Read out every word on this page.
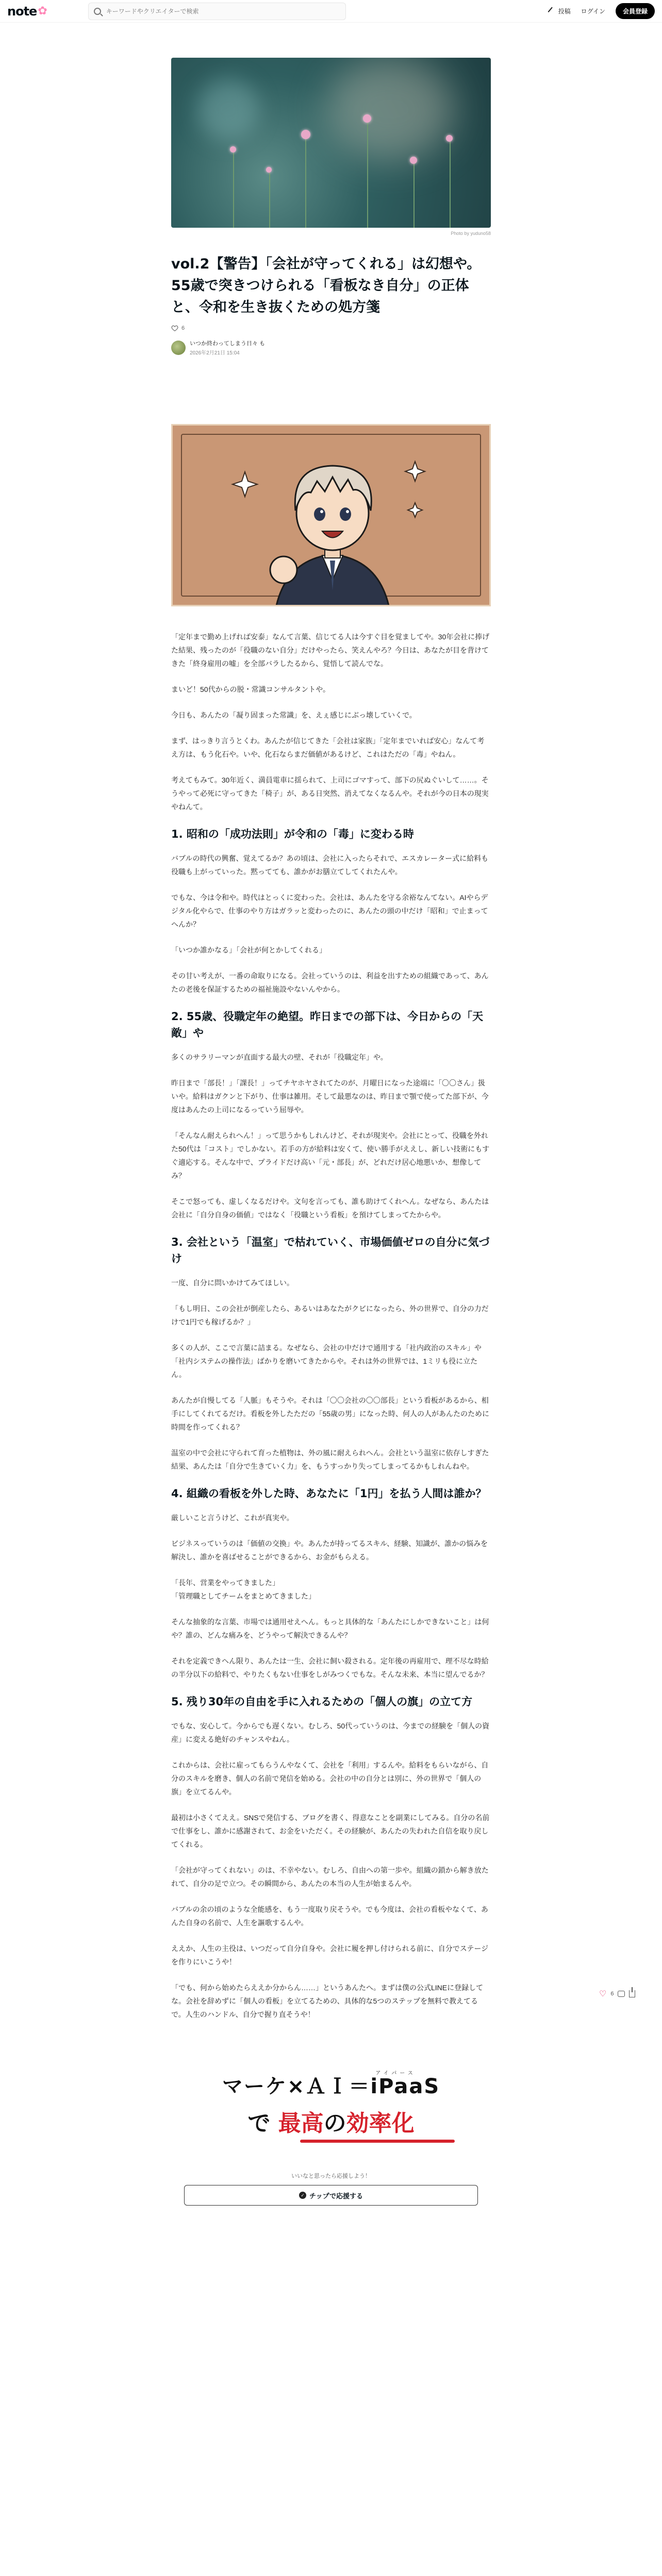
note ✿
キーワードやクリエイターで検索	投稿 ログイン	会員登録
Photo by yuduno58
vol.2【警告】「会社が守ってくれる」は幻想や。55歳で突きつけられる「看板なき自分」の正体と、令和を生き抜くための処方箋
6
いつか終わってしまう日々 も
2026年2月21日 15:04

「定年まで勤め上げれば安泰」なんて言葉、信じてる人は今すぐ目を覚ましてや。30年会社に捧げた結果、残ったのが「役職のない自分」だけやったら、笑えんやろ？今日は、あなたが目を背けてきた「終身雇用の嘘」を全部バラしたるから、覚悟して読んでな。

まいど！50代からの脱・常識コンサルタントや。

今日も、あんたの「凝り固まった常識」を、えぇ感じにぶっ壊していくで。

まず、はっきり言うとくわ。あんたが信じてきた「会社は家族」「定年までいれば安心」なんて考え方は、もう化石や。いや、化石ならまだ価値があるけど、これはただの「毒」やねん。

考えてもみて。30年近く、満員電車に揺られて、上司にゴマすって、部下の尻ぬぐいして……。そうやって必死に守ってきた「椅子」が、ある日突然、消えてなくなるんや。それが今の日本の現実やねんて。

1. 昭和の「成功法則」が令和の「毒」に変わる時

バブルの時代の興奮、覚えてるか？あの頃は、会社に入ったらそれで、エスカレーター式に給料も役職も上がっていった。黙ってても、誰かがお膳立てしてくれたんや。

でもな、今は令和や。時代はとっくに変わった。会社は、あんたを守る余裕なんてない。AIやらデジタル化やらで、仕事のやり方はガラッと変わったのに、あんたの頭の中だけ「昭和」で止まってへんか？

「いつか誰かなる」「会社が何とかしてくれる」

その甘い考えが、一番の命取りになる。会社っていうのは、利益を出すための組織であって、あんたの老後を保証するための福祉施設やないんやから。

2. 55歳、役職定年の絶望。昨日までの部下は、今日からの「天敵」や

多くのサラリーマンが直面する最大の壁、それが「役職定年」や。

昨日まで「部長！」「課長！」ってチヤホヤされてたのが、月曜日になった途端に「〇〇さん」扱いや。給料はガクンと下がり、仕事は雑用。そして最悪なのは、昨日まで顎で使ってた部下が、今度はあんたの上司になるっていう屈辱や。

「そんなん耐えられへん！」って思うかもしれんけど、それが現実や。会社にとって、役職を外れた50代は「コスト」でしかない。若手の方が給料は安くて、使い勝手がええし、新しい技術にもすぐ適応する。そんな中で、プライドだけ高い「元・部長」が、どれだけ居心地悪いか、想像してみ？

そこで怒っても、虚しくなるだけや。文句を言っても、誰も助けてくれへん。なぜなら、あんたは会社に「自分自身の価値」ではなく「役職という看板」を預けてしまってたからや。

3. 会社という「温室」で枯れていく、市場価値ゼロの自分に気づけ

一度、自分に問いかけてみてほしい。

「もし明日、この会社が倒産したら、あるいはあなたがクビになったら、外の世界で、自分の力だけで1円でも稼げるか？」

多くの人が、ここで言葉に詰まる。なぜなら、会社の中だけで通用する「社内政治のスキル」や「社内システムの操作法」ばかりを磨いてきたからや。それは外の世界では、1ミリも役に立たん。

あんたが自慢してる「人脈」もそうや。それは「〇〇会社の〇〇部長」という看板があるから、相手にしてくれてるだけ。看板を外したただの「55歳の男」になった時、何人の人があんたのために時間を作ってくれる？

温室の中で会社に守られて育った植物は、外の風に耐えられへん。会社という温室に依存しすぎた結果、あんたは「自分で生きていく力」を、もうすっかり失ってしまってるかもしれんねや。

4. 組織の看板を外した時、あなたに「1円」を払う人間は誰か？

厳しいこと言うけど、これが真実や。

ビジネスっていうのは「価値の交換」や。あんたが持ってるスキル、経験、知識が、誰かの悩みを解決し、誰かを喜ばせることができるから、お金がもらえる。

「長年、営業をやってきました」

「管理職としてチームをまとめてきました」

そんな抽象的な言葉、市場では通用せえへん。もっと具体的な「あんたにしかできないこと」は何や？誰の、どんな痛みを、どうやって解決できるんや？

それを定義できへん限り、あんたは一生、会社に飼い殺される。定年後の再雇用で、理不尽な時給の半分以下の給料で、やりたくもない仕事をしがみつくでもな。そんな未来、本当に望んでるか？

5. 残り30年の自由を手に入れるための「個人の旗」の立て方

でもな、安心して。今からでも遅くない。むしろ、50代っていうのは、今までの経験を「個人の資産」に変える絶好のチャンスやねん。

これからは、会社に雇ってもらうんやなくて、会社を「利用」するんや。給料をもらいながら、自分のスキルを磨き、個人の名前で発信を始める。会社の中の自分とは別に、外の世界で「個人の旗」を立てるんや。

最初は小さくてええ。SNSで発信する、ブログを書く、得意なことを副業にしてみる。自分の名前で仕事をし、誰かに感謝されて、お金をいただく。その経験が、あんたの失われた自信を取り戻してくれる。

「会社が守ってくれない」のは、不幸やない。むしろ、自由への第一歩や。組織の鎖から解き放たれて、自分の足で立つ。その瞬間から、あんたの本当の人生が始まるんや。

バブルの余の頃のような全能感を、もう一度取り戻そうや。でも今度は、会社の看板やなくて、あんた自身の名前で、人生を謳歌するんや。

ええか、人生の主役は、いつだって自分自身や。会社に履を押し付けられる前に、自分でステージを作りにいこうや！

「でも、何から始めたらええか分からん……」というあんたへ。まずは僕の公式LINEに登録してな。会社を辞めずに「個人の看板」を立てるための、具体的な5つのステップを無料で教えてるで。人生のハンドル、自分で握り直そうや！

マーケ×ＡＩ＝
アイパース
iPaaS
で 最高の効率化
いいなと思ったら応援しよう！
✓ チップで応援する
♡ 6
